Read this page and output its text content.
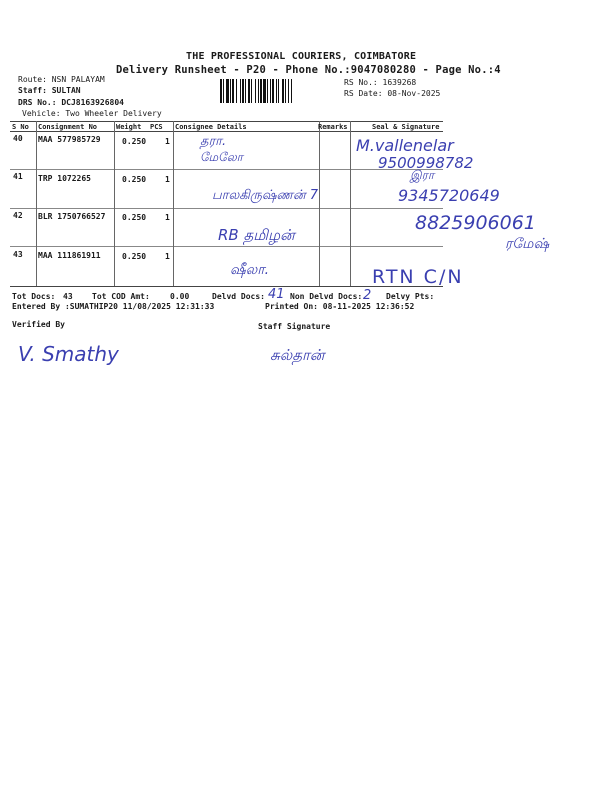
THE PROFESSIONAL COURIERS, COIMBATORE
Delivery Runsheet - P20 - Phone No.:9047080280 - Page No.:4
Route: NSN PALAYAM
Staff: SULTAN
DRS No.: DCJ8163926804
Vehicle: Two Wheeler Delivery
RS No.: 1639268
RS Date: 08-Nov-2025
S No Consignment No	Weight PCS Consignee Details	Remarks	Seal & Signature
40 MAA 577985729	0.250 1 தரா.
மேலோ
M.vallenelar
9500998782
41 TRP 1072265	0.250 1
பாலகிருஷ்ணன் 7
இரா
9345720649
42 BLR 1750766527 0.250 1
RB தமிழன்
8825906061
ரமேஷ்
43 MAA 111861911	0.250 1
ஷீலா.	RTN C/N
Tot Docs: 43 Tot COD Amt:	0.00	Delvd Docs: 41 Non Delvd Docs: 2 Delvy Pts:
Entered By :SUMATHIP20 11/08/2025 12:31:33	Printed On: 08-11-2025 12:36:52
Verified By	Staff Signature
V. Smathy	சுல்தான்
